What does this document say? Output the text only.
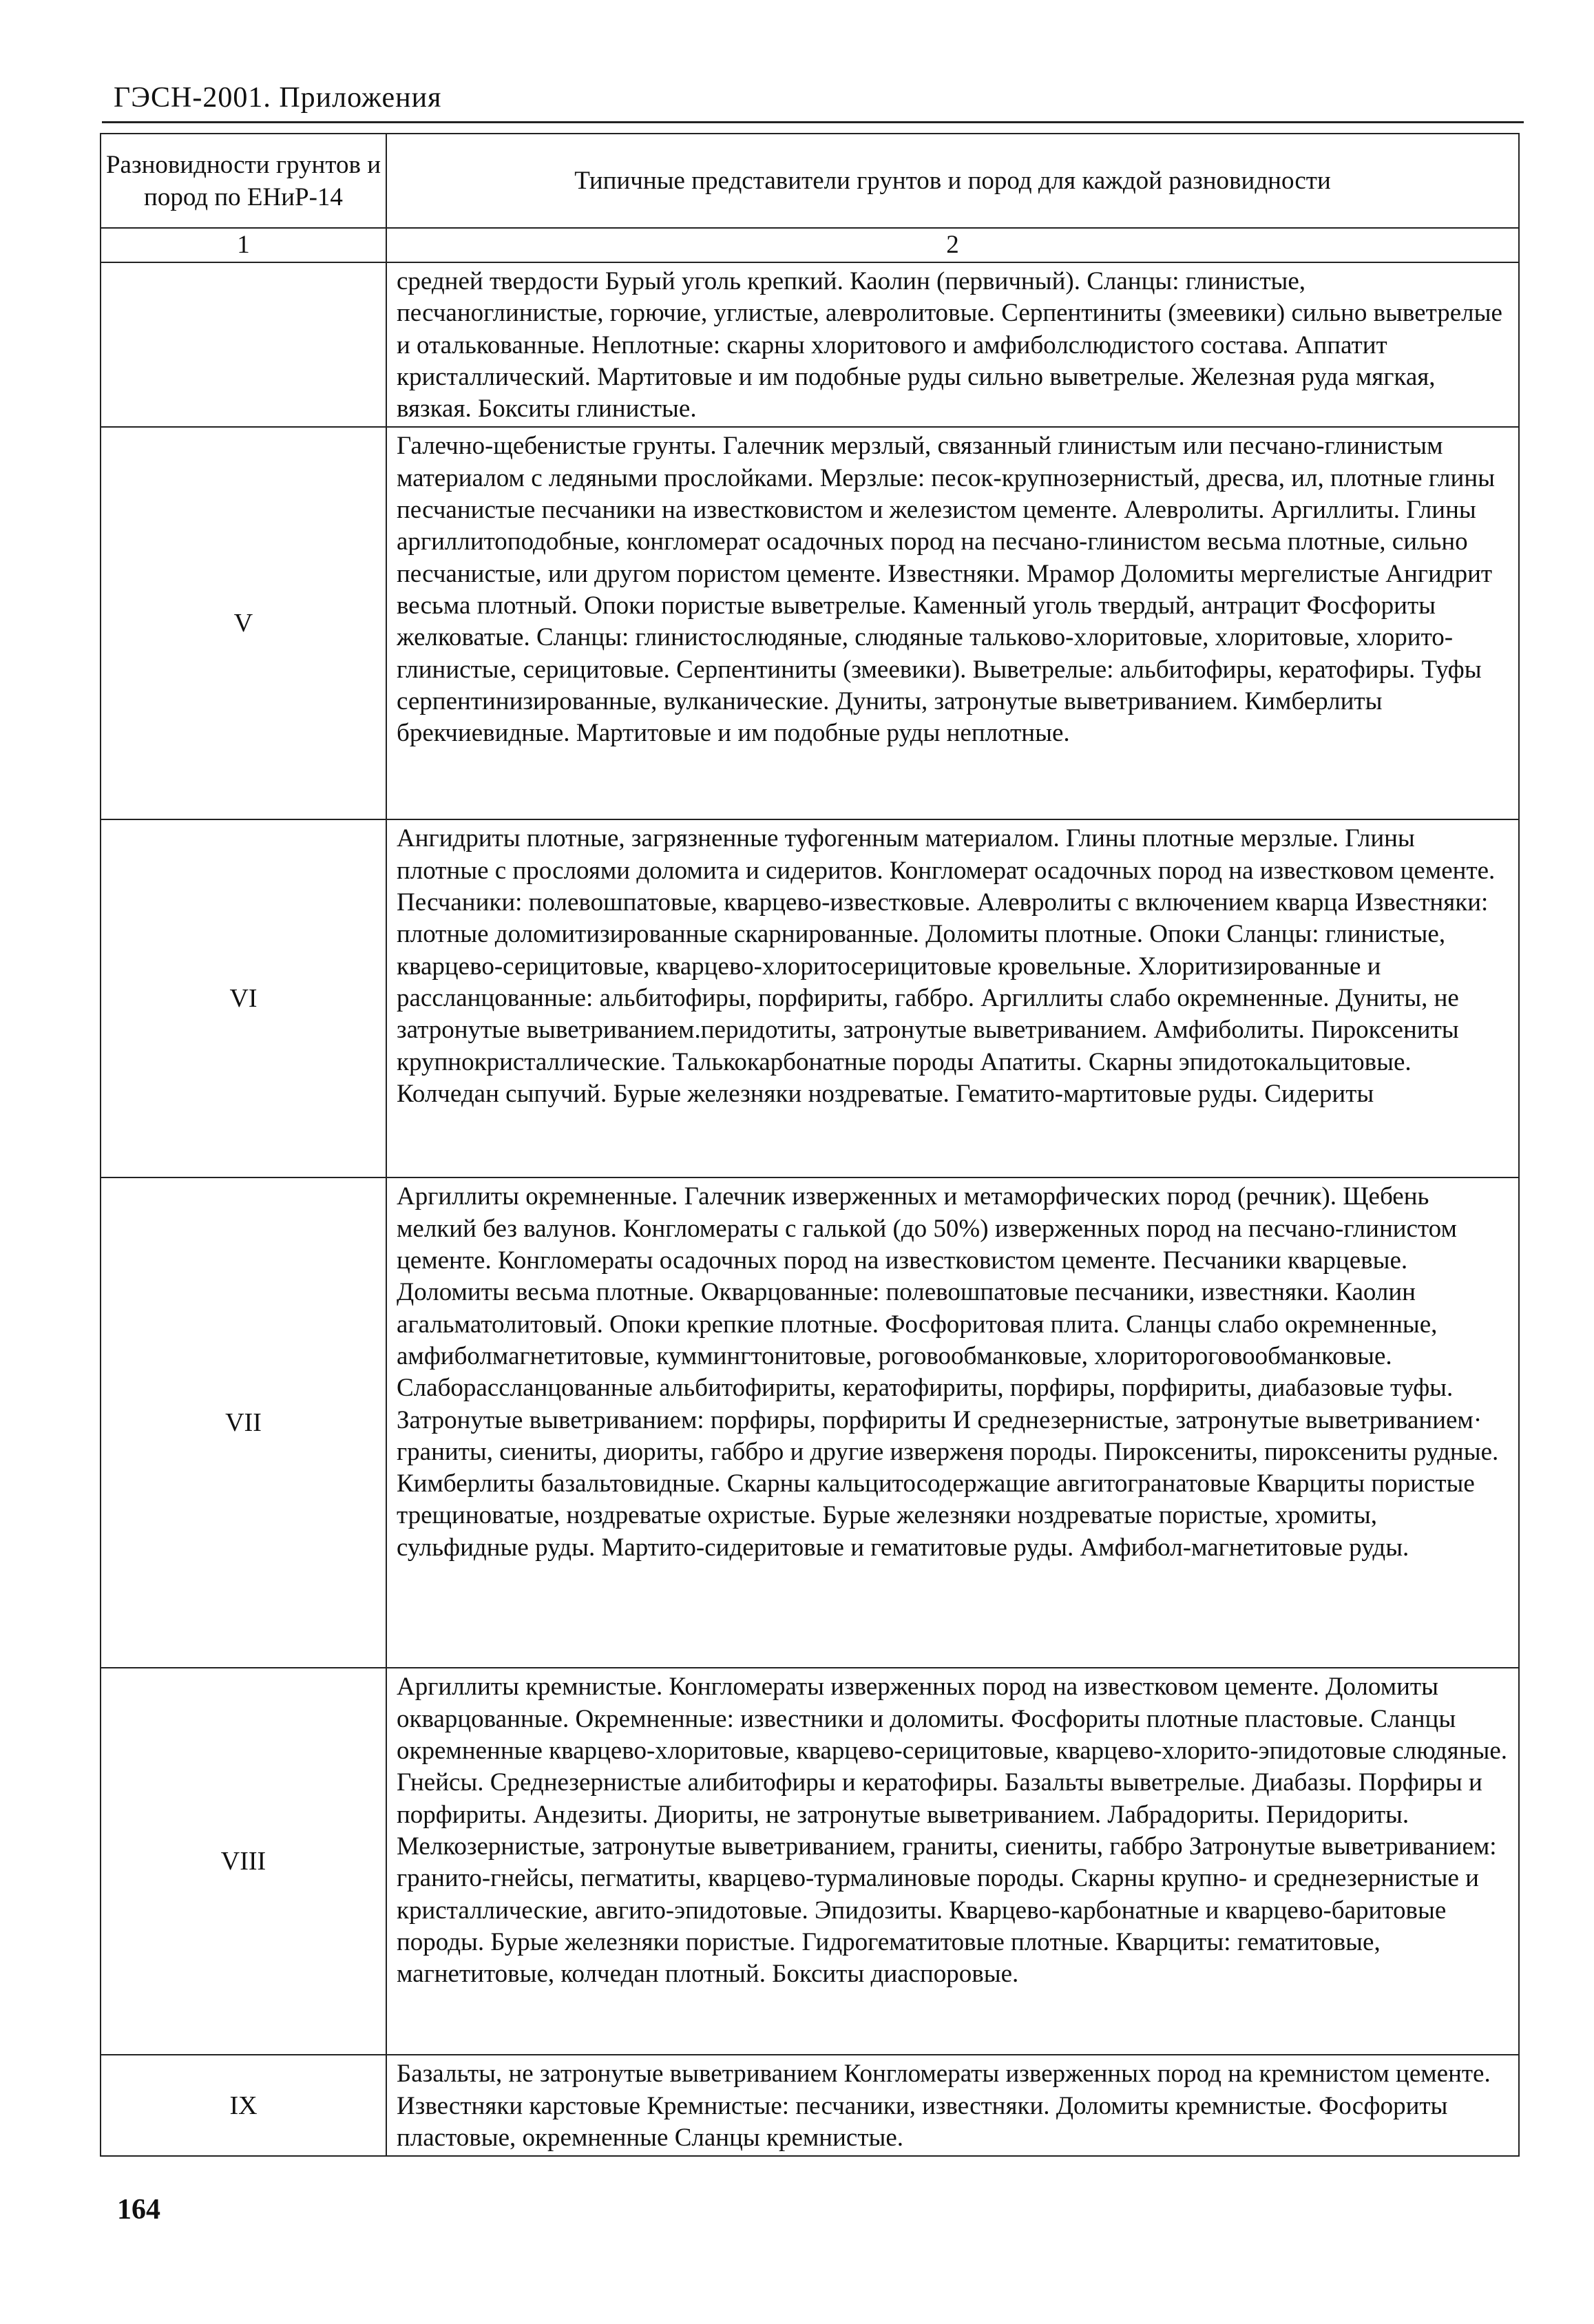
ГЭСН-2001. Приложения
Разновидности грунтов и пород по ЕНиР-14	Типичные представители грунтов и пород для каждой разновидности
1	2
	средней твердости Бурый уголь крепкий. Каолин (первичный). Сланцы: глинистые, песчаноглинистые, горючие, углистые, алевролитовые. Серпентиниты (змеевики) сильно выветрелые и оталькованные. Неплотные: скарны хлоритового и амфиболслюдистого состава. Аппатит кристаллический. Мартитовые и им подобные руды сильно выветрелые. Железная руда мягкая, вязкая. Бокситы глинистые.
V	Галечно-щебенистые грунты. Галечник мерзлый, связанный глинистым или песчано-глинистым материалом с ледяными прослойками. Мерзлые: песок-крупнозернистый, дресва, ил, плотные глины песчанистые песчаники на известковистом и железистом цементе. Алевролиты. Аргиллиты. Глины аргиллитоподобные, конгломерат осадочных пород на песчано-глинистом весьма плотные, сильно песчанистые, или другом пористом цементе. Известняки. Мрамор Доломиты мергелистые Ангидрит весьма плотный. Опоки пористые выветрелые. Каменный уголь твердый, антрацит Фосфориты желковатые. Сланцы: глинистослюдяные, слюдяные тальково-хлоритовые, хлоритовые, хлорито-глинистые, серицитовые. Серпентиниты (змеевики). Выветрелые: альбитофиры, кератофиры. Туфы серпентинизированные, вулканические. Дуниты, затронутые выветриванием. Кимберлиты брекчиевидные. Мартитовые и им подобные руды неплотные.
VI	Ангидриты плотные, загрязненные туфогенным материалом. Глины плотные мерзлые. Глины плотные с прослоями доломита и сидеритов. Конгломерат осадочных пород на известковом цементе. Песчаники: полевошпатовые, кварцево-известковые. Алевролиты с включением кварца Известняки: плотные доломитизированные скарнированные. Доломиты плотные. Опоки Сланцы: глинистые, кварцево-серицитовые, кварцево-хлоритосерицитовые кровельные. Хлоритизированные и рассланцованные: альбитофиры, порфириты, габбро. Аргиллиты слабо окремненные. Дуниты, не затронутые выветриванием.перидотиты, затронутые выветриванием. Амфиболиты. Пироксениты крупнокристаллические. Талькокарбонатные породы Апатиты. Скарны эпидотокальцитовые. Колчедан сыпучий. Бурые железняки ноздреватые. Гематито-мартитовые руды. Сидериты
VII	Аргиллиты окремненные. Галечник изверженных и метаморфических пород (речник). Щебень мелкий без валунов. Конгломераты с галькой (до 50%) изверженных пород на песчано-глинистом цементе. Конгломераты осадочных пород на известковистом цементе. Песчаники кварцевые. Доломиты весьма плотные. Окварцованные: полевошпатовые песчаники, известняки. Каолин агальматолитовый. Опоки крепкие плотные. Фосфоритовая плита. Сланцы слабо окремненные, амфиболмагнетитовые, куммингтонитовые, роговообманковые, хлоритороговообманковые. Слаборассланцованные альбитофириты, кератофириты, порфиры, порфириты, диабазовые туфы. Затронутые выветриванием: порфиры, порфириты И среднезернистые, затронутые выветриванием· граниты, сиениты, диориты, габбро и другие изверженя породы. Пироксениты, пироксениты рудные. Кимберлиты базальтовидные. Скарны кальцитосодержащие авгитогранатовые Кварциты пористые трещиноватые, ноздреватые охристые. Бурые железняки ноздреватые пористые, хромиты, сульфидные руды. Мартито-сидеритовые и гематитовые руды. Амфибол-магнетитовые руды.
VIII	Аргиллиты кремнистые. Конгломераты изверженных пород на известковом цементе. Доломиты окварцованные. Окремненные: известники и доломиты. Фосфориты плотные пластовые. Сланцы окремненные кварцево-хлоритовые, кварцево-серицитовые, кварцево-хлорито-эпидотовые слюдяные. Гнейсы. Среднезернистые алибитофиры и кератофиры. Базальты выветрелые. Диабазы. Порфиры и порфириты. Андезиты. Диориты, не затронутые выветриванием. Лабрадориты. Перидориты. Мелкозернистые, затронутые выветриванием, граниты, сиениты, габбро Затронутые выветриванием: гранито-гнейсы, пегматиты, кварцево-турмалиновые породы. Скарны крупно- и среднезернистые и кристаллические, авгито-эпидотовые. Эпидозиты. Кварцево-карбонатные и кварцево-баритовые породы. Бурые железняки пористые. Гидрогематитовые плотные. Кварциты: гематитовые, магнетитовые, колчедан плотный. Бокситы диаспоровые.
IX	Базальты, не затронутые выветриванием Конгломераты изверженных пород на кремнистом цементе. Известняки карстовые Кремнистые: песчаники, известняки. Доломиты кремнистые. Фосфориты пластовые, окремненные Сланцы кремнистые.
164
